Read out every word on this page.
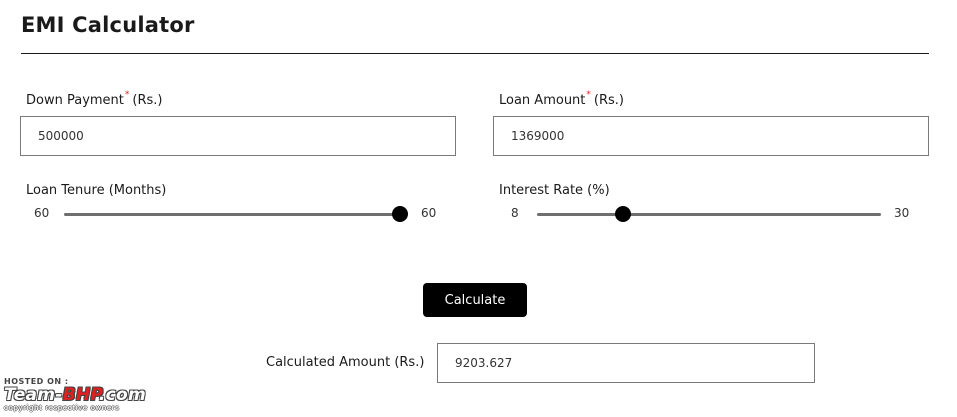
EMI Calculator
Down Payment* (Rs.)
500000
Loan Amount* (Rs.)
1369000
Loan Tenure (Months)
60	60
Interest Rate (%)
8	30
Calculate
Calculated Amount (Rs.)	9203.627
HOSTED ON :
Team-BHP.com
copyright respective owners
